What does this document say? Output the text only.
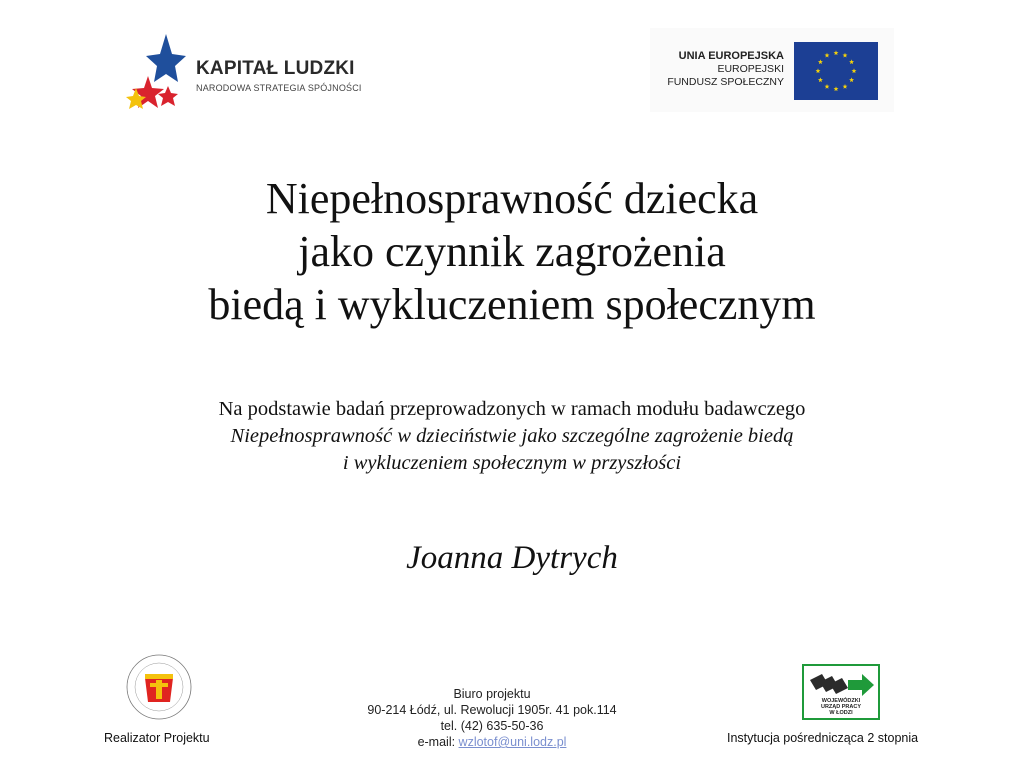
KAPITAŁ LUDZKI
NARODOWA STRATEGIA SPÓJNOŚCI
UNIA EUROPEJSKA
EUROPEJSKI
FUNDUSZ SPOŁECZNY
Niepełnosprawność dziecka
jako czynnik zagrożenia
biedą i wykluczeniem społecznym
Na podstawie badań przeprowadzonych w ramach modułu badawczego
Niepełnosprawność w dzieciństwie jako szczególne zagrożenie biedą
i wykluczeniem społecznym w przyszłości
Joanna Dytrych
Realizator Projektu
Biuro projektu
90-214 Łódź, ul. Rewolucji 1905r. 41 pok.114
tel. (42) 635-50-36
e-mail: wzlotof@uni.lodz.pl
WOJEWÓDZKI
URZĄD PRACY
W ŁODZI
Instytucja pośrednicząca 2 stopnia
